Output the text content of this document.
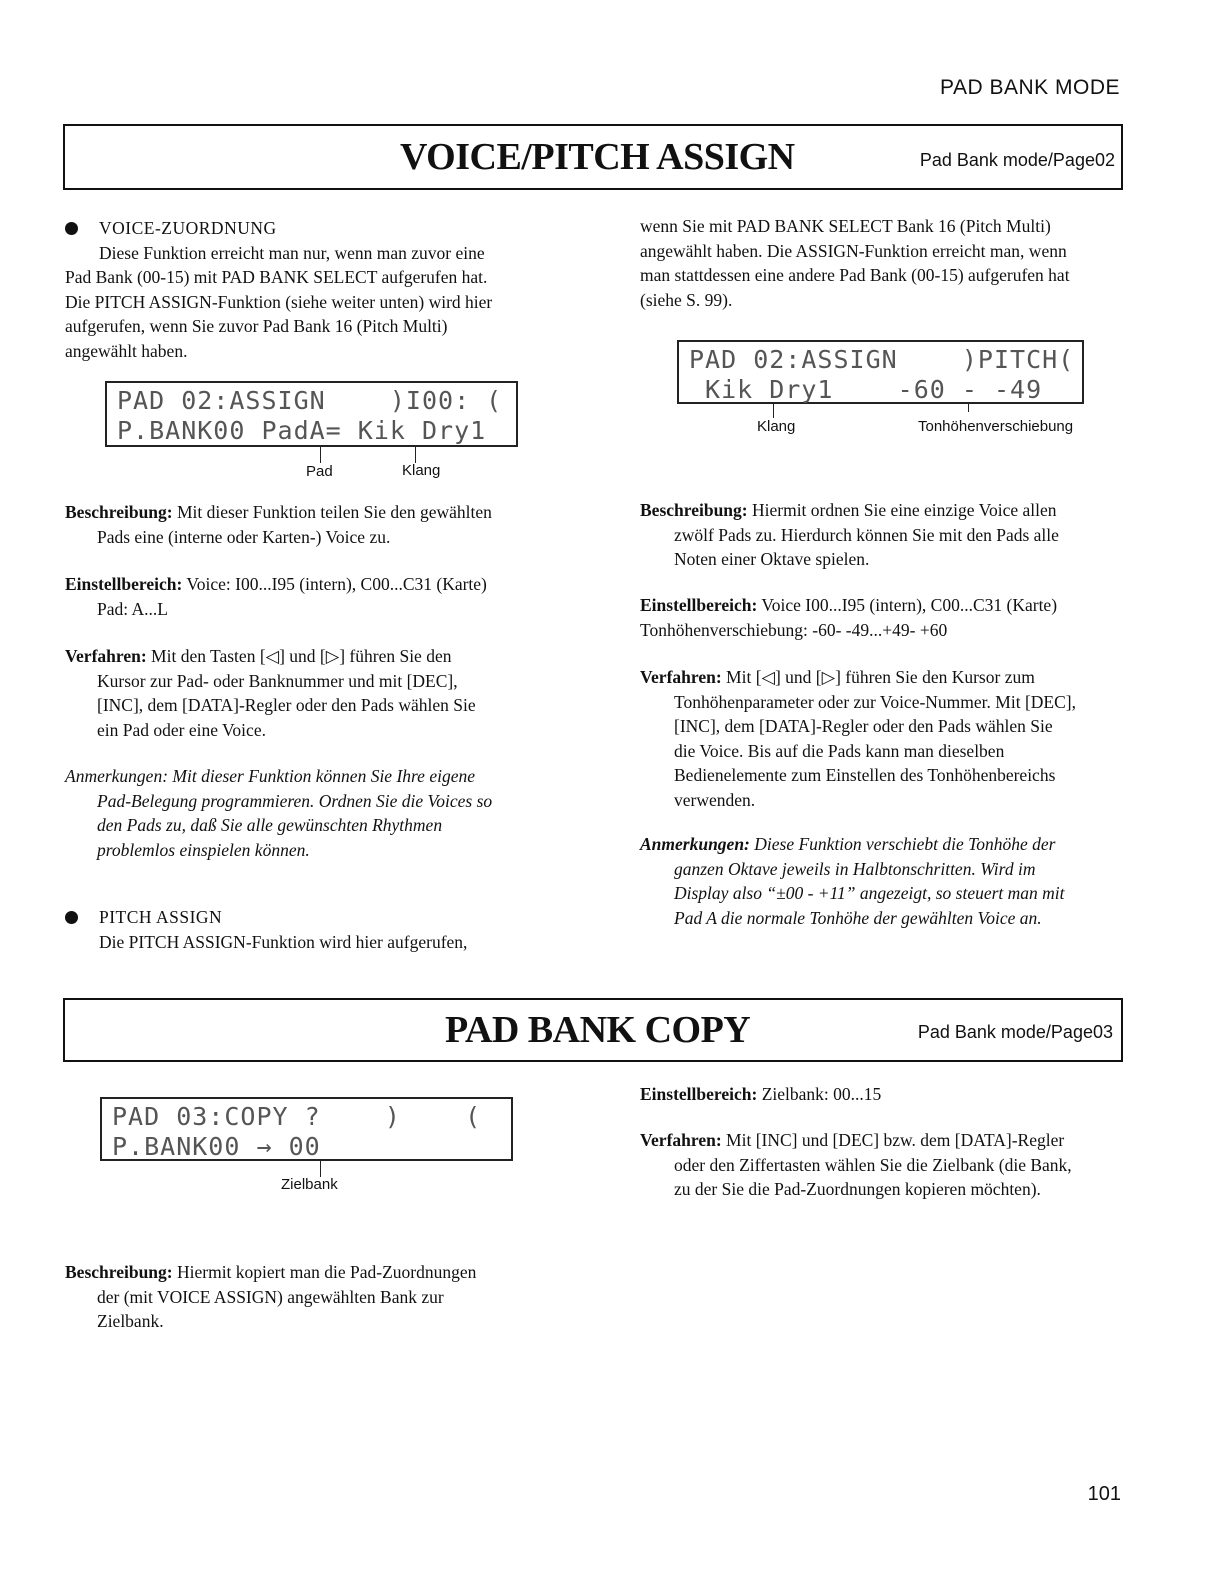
PAD BANK MODE
VOICE/PITCH ASSIGN	Pad Bank mode/Page02
VOICE-ZUORDNUNG
Diese Funktion erreicht man nur, wenn man zuvor eine
Pad Bank (00-15) mit PAD BANK SELECT aufgerufen hat.
Die PITCH ASSIGN-Funktion (siehe weiter unten) wird hier
aufgerufen, wenn Sie zuvor Pad Bank 16 (Pitch Multi)
angewählt haben.
PAD 02:ASSIGN    )I00: (
P.BANK00 PadA= Kik Dry1
Pad	Klang
Beschreibung: Mit dieser Funktion teilen Sie den gewählten
Pads eine (interne oder Karten-) Voice zu.
Einstellbereich: Voice: I00...I95 (intern), C00...C31 (Karte)
Pad: A...L
Verfahren: Mit den Tasten [◁] und [▷] führen Sie den
Kursor zur Pad- oder Banknummer und mit [DEC],
[INC], dem [DATA]-Regler oder den Pads wählen Sie
ein Pad oder eine Voice.
Anmerkungen: Mit dieser Funktion können Sie Ihre eigene
Pad-Belegung programmieren. Ordnen Sie die Voices so
den Pads zu, daß Sie alle gewünschten Rhythmen
problemlos einspielen können.
PITCH ASSIGN
Die PITCH ASSIGN-Funktion wird hier aufgerufen,
wenn Sie mit PAD BANK SELECT Bank 16 (Pitch Multi)
angewählt haben. Die ASSIGN-Funktion erreicht man, wenn
man stattdessen eine andere Pad Bank (00-15) aufgerufen hat
(siehe S. 99).
PAD 02:ASSIGN    )PITCH(
Kik Dry1    -60 - -49
Klang	Tonhöhenverschiebung
Beschreibung: Hiermit ordnen Sie eine einzige Voice allen
zwölf Pads zu. Hierdurch können Sie mit den Pads alle
Noten einer Oktave spielen.
Einstellbereich: Voice I00...I95 (intern), C00...C31 (Karte)
Tonhöhenverschiebung: -60- -49...+49- +60
Verfahren: Mit [◁] und [▷] führen Sie den Kursor zum
Tonhöhenparameter oder zur Voice-Nummer. Mit [DEC],
[INC], dem [DATA]-Regler oder den Pads wählen Sie
die Voice. Bis auf die Pads kann man dieselben
Bedienelemente zum Einstellen des Tonhöhenbereichs
verwenden.
Anmerkungen: Diese Funktion verschiebt die Tonhöhe der
ganzen Oktave jeweils in Halbtonschritten. Wird im
Display also “±00 - +11” angezeigt, so steuert man mit
Pad A die normale Tonhöhe der gewählten Voice an.
PAD BANK COPY	Pad Bank mode/Page03
PAD 03:COPY ?    )    (
P.BANK00 → 00
Zielbank
Beschreibung: Hiermit kopiert man die Pad-Zuordnungen
der (mit VOICE ASSIGN) angewählten Bank zur
Zielbank.
Einstellbereich: Zielbank: 00...15
Verfahren: Mit [INC] und [DEC] bzw. dem [DATA]-Regler
oder den Ziffertasten wählen Sie die Zielbank (die Bank,
zu der Sie die Pad-Zuordnungen kopieren möchten).
101
